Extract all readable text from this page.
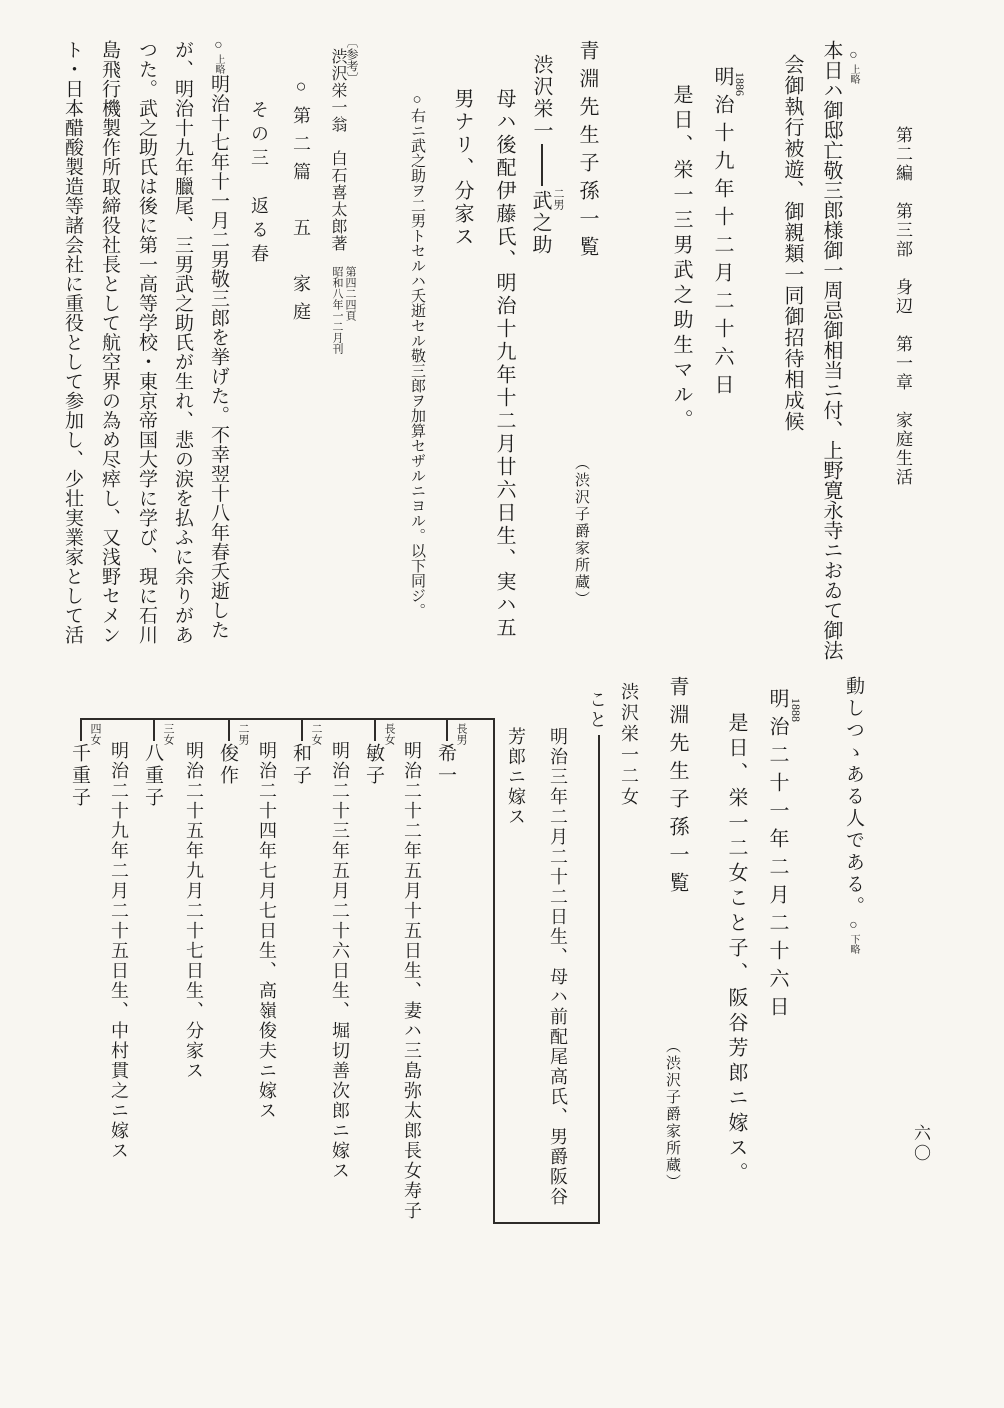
第二編　第三部　身辺　第一章　家庭生活
六〇
○上略
本日ハ御邸亡敬三郎様御一周忌御相当ニ付、上野寛永寺ニおゐて御法
会御執行被遊、御親類一同御招待相成候
1886
明治十九年十二月二十六日
是日、栄一三男武之助生マル。
青淵先生子孫一覧
（渋沢子爵家所蔵）
渋沢栄一
二男
武之助
母ハ後配伊藤氏、明治十九年十二月廿六日生、実ハ五
男ナリ、分家ス
○右ニ武之助ヲ二男トセルハ夭逝セル敬三郎ヲ加算セザルニヨル。以下同ジ。
〔参考〕
渋沢栄一翁　白石喜太郎著
第四二四頁
昭和八年一二月刊
○第二篇　五　家庭
その三　返る春
○上略明治十七年十一月二男敬三郎を挙げた。不幸翌十八年春夭逝した
が、明治十九年臘尾、三男武之助氏が生れ、悲の涙を払ふに余りがあ
つた。武之助氏は後に第一高等学校・東京帝国大学に学び、現に石川
島飛行機製作所取締役社長として航空界の為め尽瘁し、又浅野セメン
ト・日本醋酸製造等諸会社に重役として参加し、少壮実業家として活
動しつゝある人である。○下略
1888
明治二十一年二月二十六日
是日、栄一二女こと子、阪谷芳郎ニ嫁ス。
青淵先生子孫一覧
（渋沢子爵家所蔵）
渋沢栄一二女
こと
明治三年二月二十二日生、母ハ前配尾高氏、男爵阪谷
芳郎ニ嫁ス
長男
希一
明治二十二年五月十五日生、妻ハ三島弥太郎長女寿子
長女
敏子
明治二十三年五月二十六日生、堀切善次郎ニ嫁ス
二女
和子
明治二十四年七月七日生、高嶺俊夫ニ嫁ス
二男
俊作
明治二十五年九月二十七日生、分家ス
三女
八重子
明治二十九年二月二十五日生、中村貫之ニ嫁ス
四女
千重子
